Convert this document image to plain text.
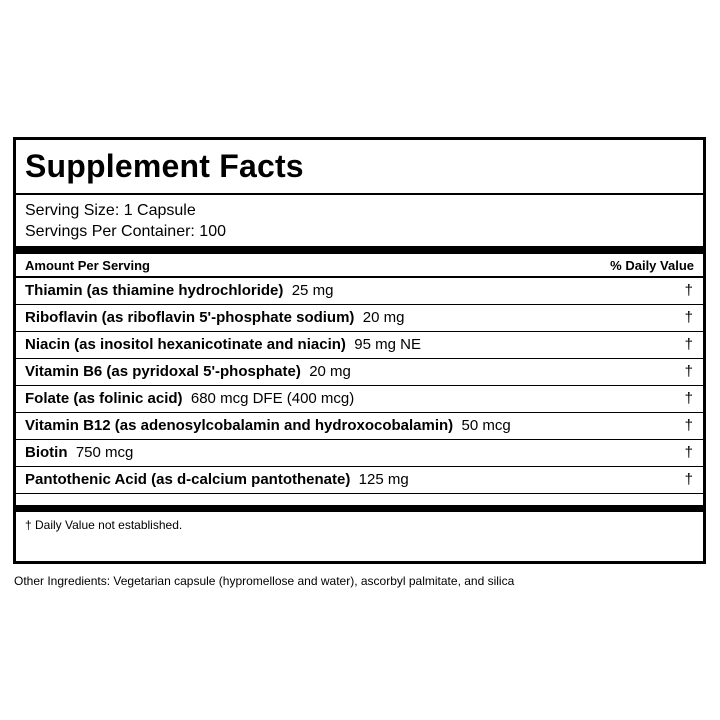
Supplement Facts
Serving Size: 1 Capsule
Servings Per Container: 100
Amount Per Serving	% Daily Value
Thiamin (as thiamine hydrochloride) 25 mg	†
Riboflavin (as riboflavin 5'-phosphate sodium) 20 mg	†
Niacin (as inositol hexanicotinate and niacin) 95 mg NE	†
Vitamin B6 (as pyridoxal 5'-phosphate) 20 mg	†
Folate (as folinic acid) 680 mcg DFE (400 mcg)	†
Vitamin B12 (as adenosylcobalamin and hydroxocobalamin) 50 mcg	†
Biotin 750 mcg	†
Pantothenic Acid (as d-calcium pantothenate) 125 mg	†
† Daily Value not established.
Other Ingredients: Vegetarian capsule (hypromellose and water), ascorbyl palmitate, and silica
